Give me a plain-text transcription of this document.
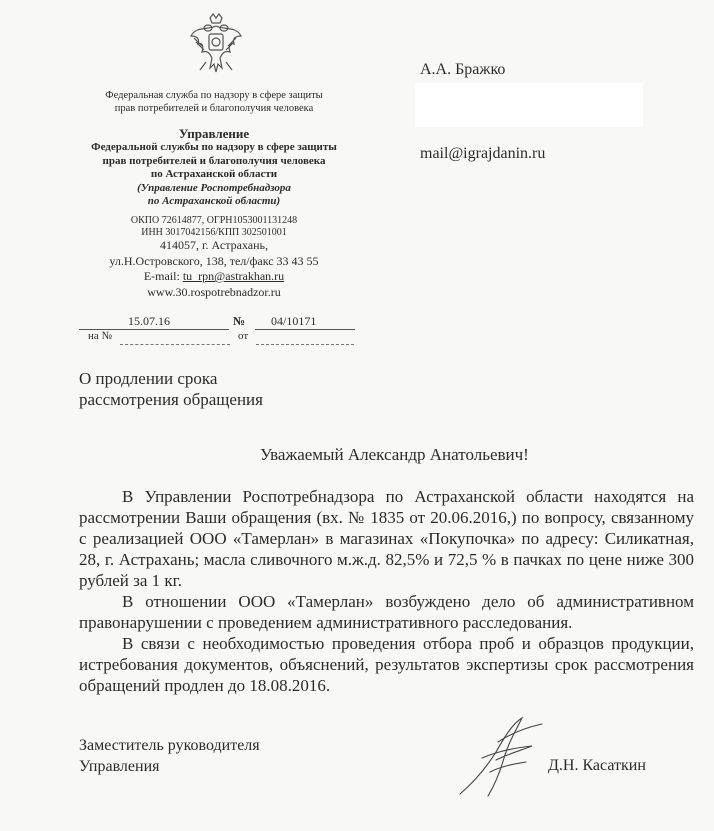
Федеральная служба по надзору в сфере защиты
прав потребителей и благополучия человека
Управление
Федеральной службы по надзору в сфере защиты
прав потребителей и благополучия человека
по Астраханской области
(Управление Роспотребнадзора
по Астраханской области)
ОКПО 72614877, ОГРН1053001131248
ИНН 3017042156/КПП 302501001
414057, г. Астрахань,
ул.Н.Островского, 138, тел/факс 33 43 55
E-mail: tu_rpn@astrakhan.ru
www.30.rospotrebnadzor.ru
15.07.16	№ 04/10171
на №	от
А.А. Бражко
mail@igrajdanin.ru
О продлении срока
рассмотрения обращения
Уважаемый Александр Анатольевич!
В Управлении Роспотребнадзора по Астраханской области находятся на рассмотрении Ваши обращения (вх. № 1835 от 20.06.2016,) по вопросу, связанному с реализацией ООО «Тамерлан» в магазинах «Покупочка» по адресу: Силикатная, 28, г. Астрахань; масла сливочного м.ж.д. 82,5% и 72,5 % в пачках по цене ниже 300 рублей за 1 кг.
В отношении ООО «Тамерлан» возбуждено дело об административном правонарушении с проведением административного расследования.
В связи с необходимостью проведения отбора проб и образцов продукции, истребования документов, объяснений, результатов экспертизы срок рассмотрения обращений продлен до 18.08.2016.
Заместитель руководителя
Управления	Д.Н. Касаткин
